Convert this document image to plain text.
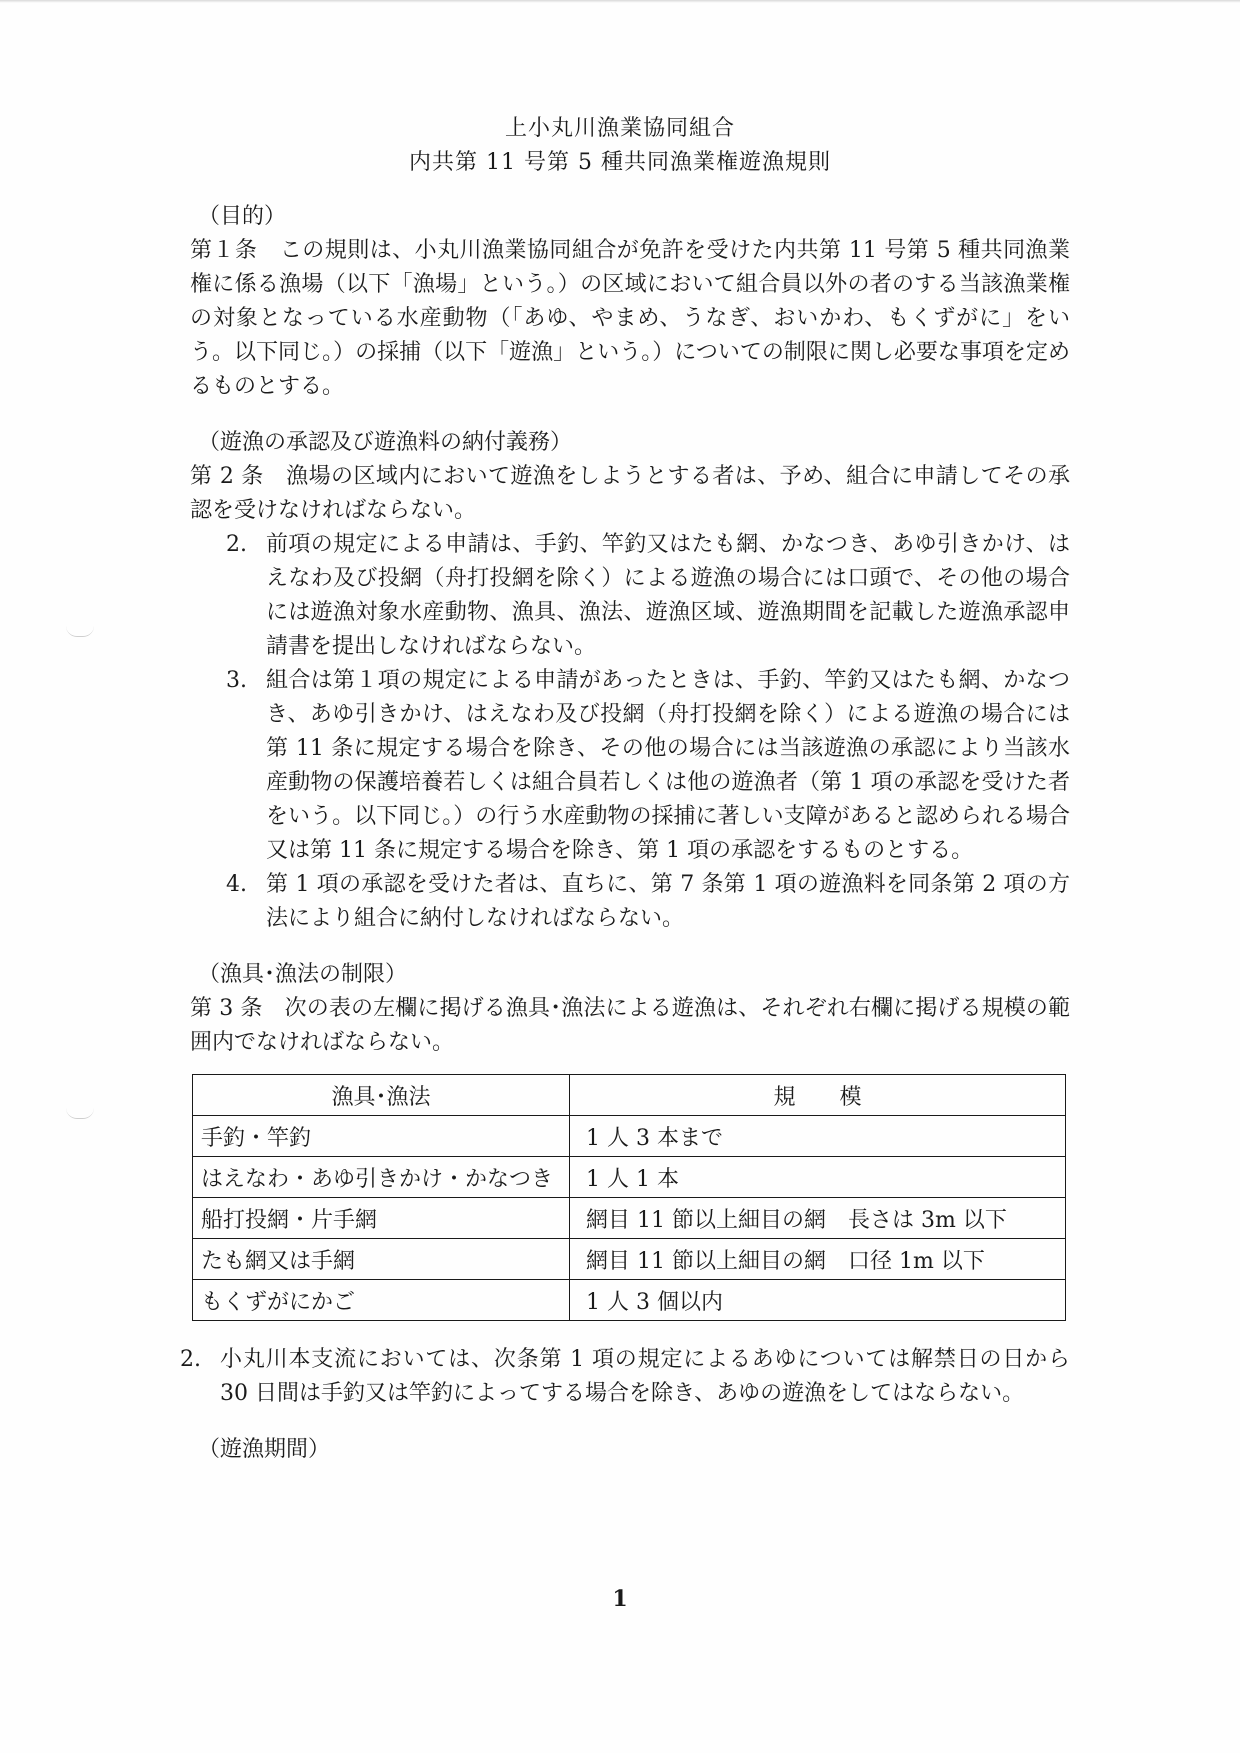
上小丸川漁業協同組合
内共第 11 号第 5 種共同漁業権遊漁規則
（目的）
第１条　この規則は、小丸川漁業協同組合が免許を受けた内共第 11 号第 5 種共同漁業権に係る漁場（以下「漁場」という。）の区域において組合員以外の者のする当該漁業権の対象となっている水産動物（「あゆ、やまめ、うなぎ、おいかわ、もくずがに」をいう。以下同じ。）の採捕（以下「遊漁」という。）についての制限に関し必要な事項を定めるものとする。
（遊漁の承認及び遊漁料の納付義務）
第 2 条　漁場の区域内において遊漁をしようとする者は、予め、組合に申請してその承認を受けなければならない。
2. 前項の規定による申請は、手釣、竿釣又はたも網、かなつき、あゆ引きかけ、はえなわ及び投網（舟打投網を除く）による遊漁の場合には口頭で、その他の場合には遊漁対象水産動物、漁具、漁法、遊漁区域、遊漁期間を記載した遊漁承認申請書を提出しなければならない。
3. 組合は第１項の規定による申請があったときは、手釣、竿釣又はたも網、かなつき、あゆ引きかけ、はえなわ及び投網（舟打投網を除く）による遊漁の場合には第 11 条に規定する場合を除き、その他の場合には当該遊漁の承認により当該水産動物の保護培養若しくは組合員若しくは他の遊漁者（第 1 項の承認を受けた者をいう。以下同じ。）の行う水産動物の採捕に著しい支障があると認められる場合又は第 11 条に規定する場合を除き、第 1 項の承認をするものとする。
4. 第 1 項の承認を受けた者は、直ちに、第 7 条第 1 項の遊漁料を同条第 2 項の方法により組合に納付しなければならない。
（漁具･漁法の制限）
第 3 条　次の表の左欄に掲げる漁具･漁法による遊漁は、それぞれ右欄に掲げる規模の範囲内でなければならない。
漁具･漁法	規　　模
手釣・竿釣	1 人 3 本まで
はえなわ・あゆ引きかけ・かなつき	1 人 1 本
船打投網・片手網	網目 11 節以上細目の網　長さは 3m 以下
たも網又は手網	網目 11 節以上細目の網　口径 1m 以下
もくずがにかご	1 人 3 個以内
2. 小丸川本支流においては、次条第 1 項の規定によるあゆについては解禁日の日から 30 日間は手釣又は竿釣によってする場合を除き、あゆの遊漁をしてはならない。
（遊漁期間）
1
